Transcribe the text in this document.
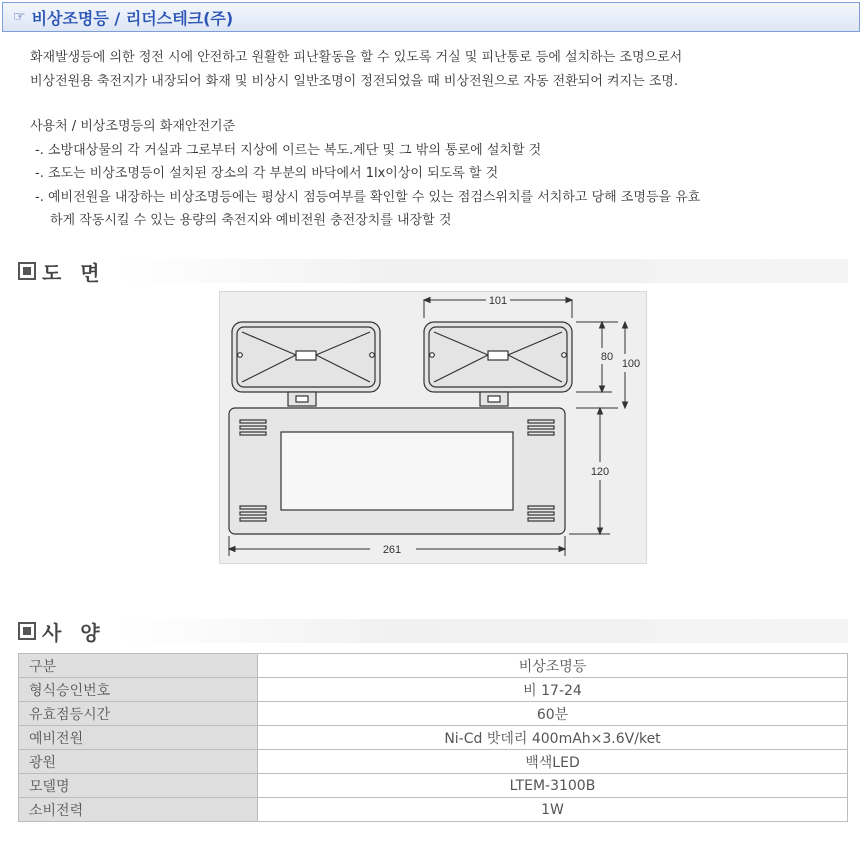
☞ 비상조명등 / 리더스테크(주)
화재발생등에 의한 정전 시에 안전하고 원활한 피난활동을 할 수 있도록 거실 및 피난통로 등에 설치하는 조명으로서
비상전원용 축전지가 내장되어 화재 및 비상시 일반조명이 정전되었을 때 비상전원으로 자동 전환되어 켜지는 조명.
사용처 / 비상조명등의 화재안전기준
-. 소방대상물의 각 거실과 그로부터 지상에 이르는 복도.계단 및 그 밖의 통로에 설치할 것
-. 조도는 비상조명등이 설치된 장소의 각 부분의 바닥에서 1lx이상이 되도록 할 것
-. 예비전원을 내장하는 비상조명등에는 평상시 점등여부를 확인할 수 있는 점검스위치를 서치하고 당해 조명등을 유효
하게 작동시킬 수 있는 용량의 축전지와 예비전원 충전장치를 내장할 것
도 면
101
80
100
120
261
사 양
구분	비상조명등
형식승인번호	비 17-24
유효점등시간	60분
예비전원	Ni-Cd 밧데리 400mAh×3.6V/ket
광원	백색LED
모델명	LTEM-3100B
소비전력	1W
